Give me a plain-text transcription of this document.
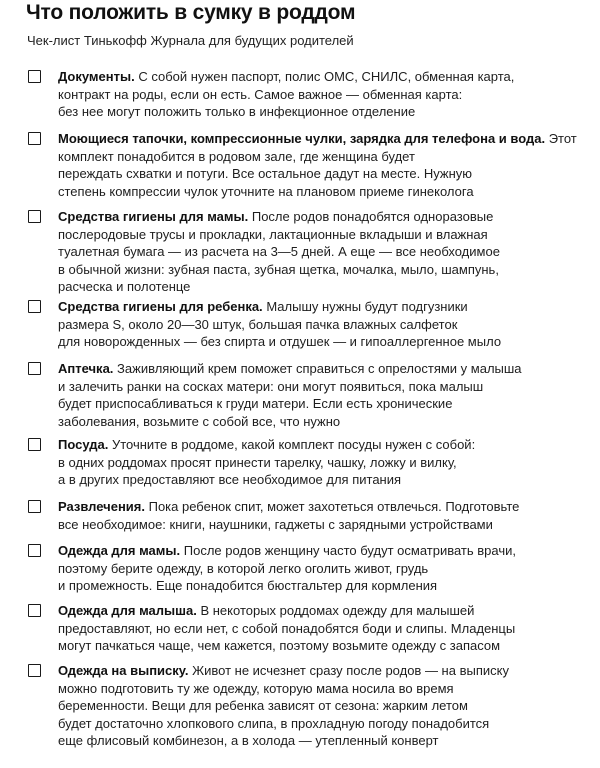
Что положить в сумку в роддом

Чек-лист Тинькофф Журнала для будущих родителей

Документы. С собой нужен паспорт, полис ОМС, СНИЛС, обменная карта,
контракт на роды, если он есть. Самое важное — обменная карта:
без нее могут положить только в инфекционное отделение

Моющиеся тапочки, компрессионные чулки, зарядка для телефона и вода. Этот комплект понадобится в родовом зале, где женщина будет
переждать схватки и потуги. Все остальное дадут на месте. Нужную
степень компрессии чулок уточните на плановом приеме гинеколога

Средства гигиены для мамы. После родов понадобятся одноразовые
послеродовые трусы и прокладки, лактационные вкладыши и влажная
туалетная бумага — из расчета на 3—5 дней. А еще — все необходимое
в обычной жизни: зубная паста, зубная щетка, мочалка, мыло, шампунь,
расческа и полотенце

Средства гигиены для ребенка. Малышу нужны будут подгузники
размера S, около 20—30 штук, большая пачка влажных салфеток
для новорожденных — без спирта и отдушек — и гипоаллергенное мыло

Аптечка. Заживляющий крем поможет справиться с опрелостями у малыша
и залечить ранки на сосках матери: они могут появиться, пока малыш
будет приспосабливаться к груди матери. Если есть хронические
заболевания, возьмите с собой все, что нужно

Посуда. Уточните в роддоме, какой комплект посуды нужен с собой:
в одних роддомах просят принести тарелку, чашку, ложку и вилку,
а в других предоставляют все необходимое для питания

Развлечения. Пока ребенок спит, может захотеться отвлечься. Подготовьте
все необходимое: книги, наушники, гаджеты с зарядными устройствами

Одежда для мамы. После родов женщину часто будут осматривать врачи,
поэтому берите одежду, в которой легко оголить живот, грудь
и промежность. Еще понадобится бюстгальтер для кормления

Одежда для малыша. В некоторых роддомах одежду для малышей
предоставляют, но если нет, с собой понадобятся боди и слипы. Младенцы
могут пачкаться чаще, чем кажется, поэтому возьмите одежду с запасом

Одежда на выписку. Живот не исчезнет сразу после родов — на выписку
можно подготовить ту же одежду, которую мама носила во время
беременности. Вещи для ребенка зависят от сезона: жарким летом
будет достаточно хлопкового слипа, в прохладную погоду понадобится
еще флисовый комбинезон, а в холода — утепленный конверт
